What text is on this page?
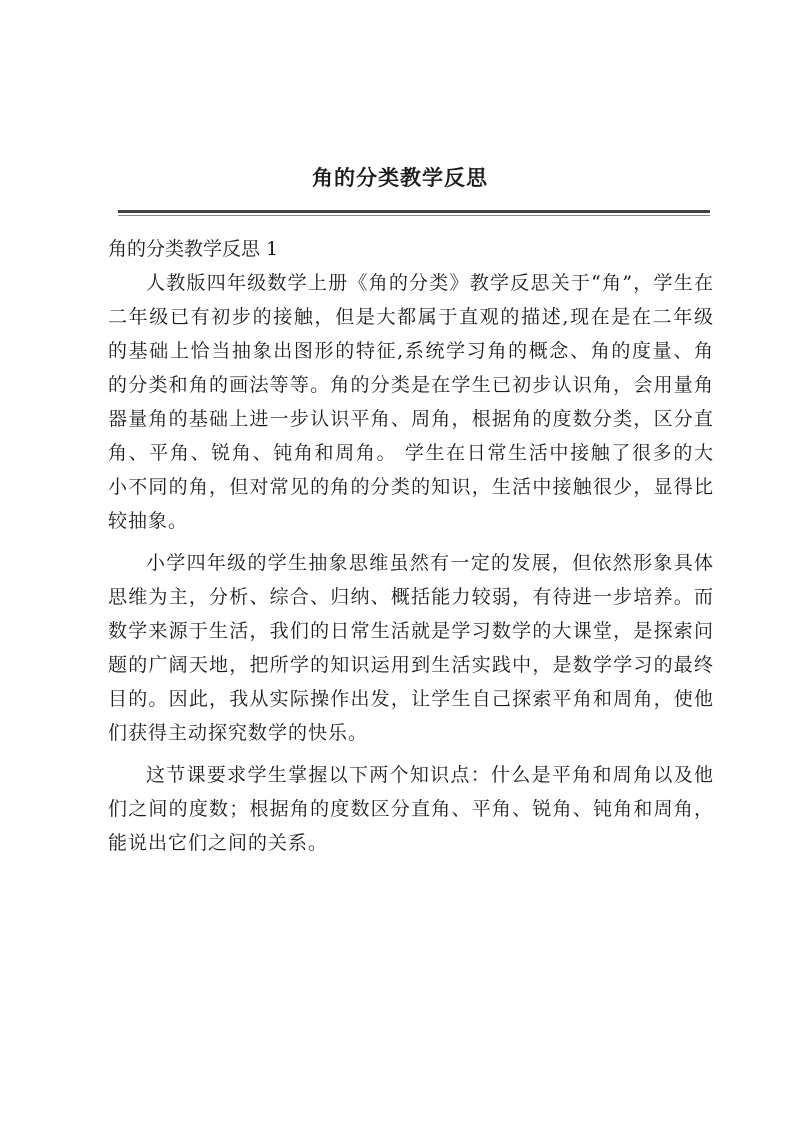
角的分类教学反思
角的分类教学反思 1

人教版四年级数学上册《角的分类》教学反思关于“角”，学生在二年级已有初步的接触，但是大都属于直观的描述,现在是在二年级的基础上恰当抽象出图形的特征,系统学习角的概念、角的度量、角的分类和角的画法等等。角的分类是在学生已初步认识角，会用量角器量角的基础上进一步认识平角、周角，根据角的度数分类，区分直角、平角、锐角、钝角和周角。 学生在日常生活中接触了很多的大小不同的角，但对常见的角的分类的知识，生活中接触很少，显得比较抽象。

小学四年级的学生抽象思维虽然有一定的发展，但依然形象具体思维为主，分析、综合、归纳、概括能力较弱，有待进一步培养。而数学来源于生活，我们的日常生活就是学习数学的大课堂，是探索问题的广阔天地，把所学的知识运用到生活实践中，是数学学习的最终目的。因此，我从实际操作出发，让学生自己探索平角和周角，使他们获得主动探究数学的快乐。

这节课要求学生掌握以下两个知识点：什么是平角和周角以及他们之间的度数；根据角的度数区分直角、平角、锐角、钝角和周角，能说出它们之间的关系。
